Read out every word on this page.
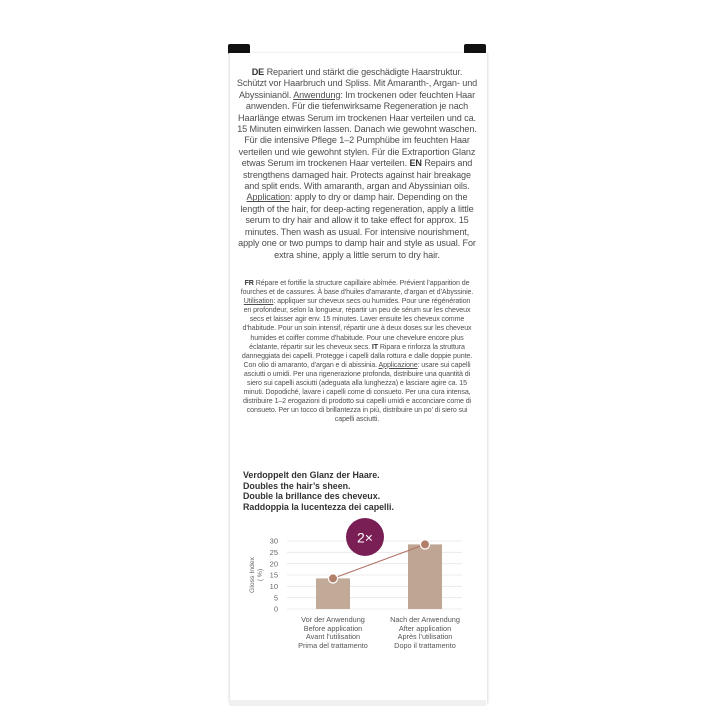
DE Repariert und stärkt die geschädigte Haarstruktur. Schützt vor Haarbruch und Spliss. Mit Amaranth-, Argan- und Abyssinianöl. Anwendung: Im trockenen oder feuchten Haar anwenden. Für die tiefenwirksame Regeneration je nach Haarlänge etwas Serum im trockenen Haar verteilen und ca. 15 Minuten einwirken lassen. Danach wie gewohnt waschen. Für die intensive Pflege 1–2 Pumphübe im feuchten Haar verteilen und wie gewohnt stylen. Für die Extraportion Glanz etwas Serum im trockenen Haar verteilen. EN Repairs and strengthens damaged hair. Protects against hair breakage and split ends. With amaranth, argan and Abyssinian oils. Application: apply to dry or damp hair. Depending on the length of the hair, for deep-acting regeneration, apply a little serum to dry hair and allow it to take effect for approx. 15 minutes. Then wash as usual. For intensive nourishment, apply one or two pumps to damp hair and style as usual. For extra shine, apply a little serum to dry hair.
FR Répare et fortifie la structure capillaire abîmée. Prévient l’apparition de fourches et de cassures. À base d’huiles d’amarante, d’argan et d’Abyssinie. Utilisation: appliquer sur cheveux secs ou humides. Pour une régénération en profondeur, selon la longueur, répartir un peu de sérum sur les cheveux secs et laisser agir env. 15 minutes. Laver ensuite les cheveux comme d’habitude. Pour un soin intensif, répartir une à deux doses sur les cheveux humides et coiffer comme d’habitude. Pour une chevelure encore plus éclatante, répartir sur les cheveux secs. IT Ripara e rinforza la struttura danneggiata dei capelli. Protegge i capelli dalla rottura e dalle doppie punte. Con olio di amaranto, d’argan e di abissinia. Applicazione: usare sui capelli asciutti o umidi. Per una rigenerazione profonda, distribuire una quantità di siero sui capelli asciutti (adeguata alla lunghezza) e lasciare agire ca. 15 minuti. Dopodiché, lavare i capelli come di consueto. Per una cura intensa, distribuire 1–2 erogazioni di prodotto sui capelli umidi e acconciare come di consueto. Per un tocco di brillantezza in più, distribuire un po’ di siero sui capelli asciutti.
Verdoppelt den Glanz der Haare.
Doubles the hair’s sheen.
Double la brillance des cheveux.
Raddoppia la lucentezza dei capelli.
0
5
10
15
20
25
30
Gloss Index ( %)
2×
Vor der Anwendung
Before application
Avant l’utilisation
Prima del trattamento
Nach der Anwendung
After application
Après l’utilisation
Dopo il trattamento
